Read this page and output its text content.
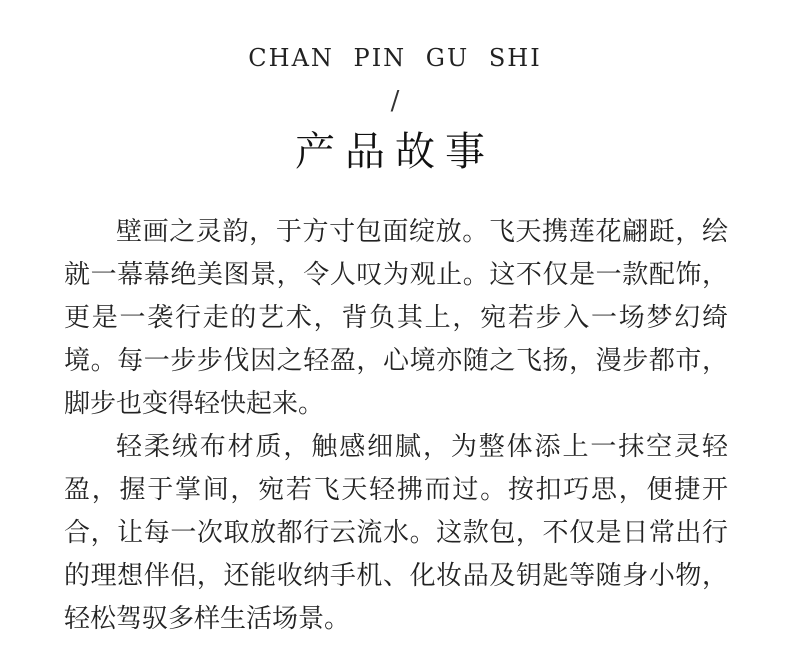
CHAN PIN GU SHI
/
产品故事

壁画之灵韵，于方寸包面绽放。飞天携莲花翩跹，绘就一幕幕绝美图景，令人叹为观止。这不仅是一款配饰，更是一袭行走的艺术，背负其上，宛若步入一场梦幻绮境。每一步步伐因之轻盈，心境亦随之飞扬，漫步都市，脚步也变得轻快起来。

轻柔绒布材质，触感细腻，为整体添上一抹空灵轻盈，握于掌间，宛若飞天轻拂而过。按扣巧思，便捷开合，让每一次取放都行云流水。这款包，不仅是日常出行的理想伴侣，还能收纳手机、化妆品及钥匙等随身小物，轻松驾驭多样生活场景。
